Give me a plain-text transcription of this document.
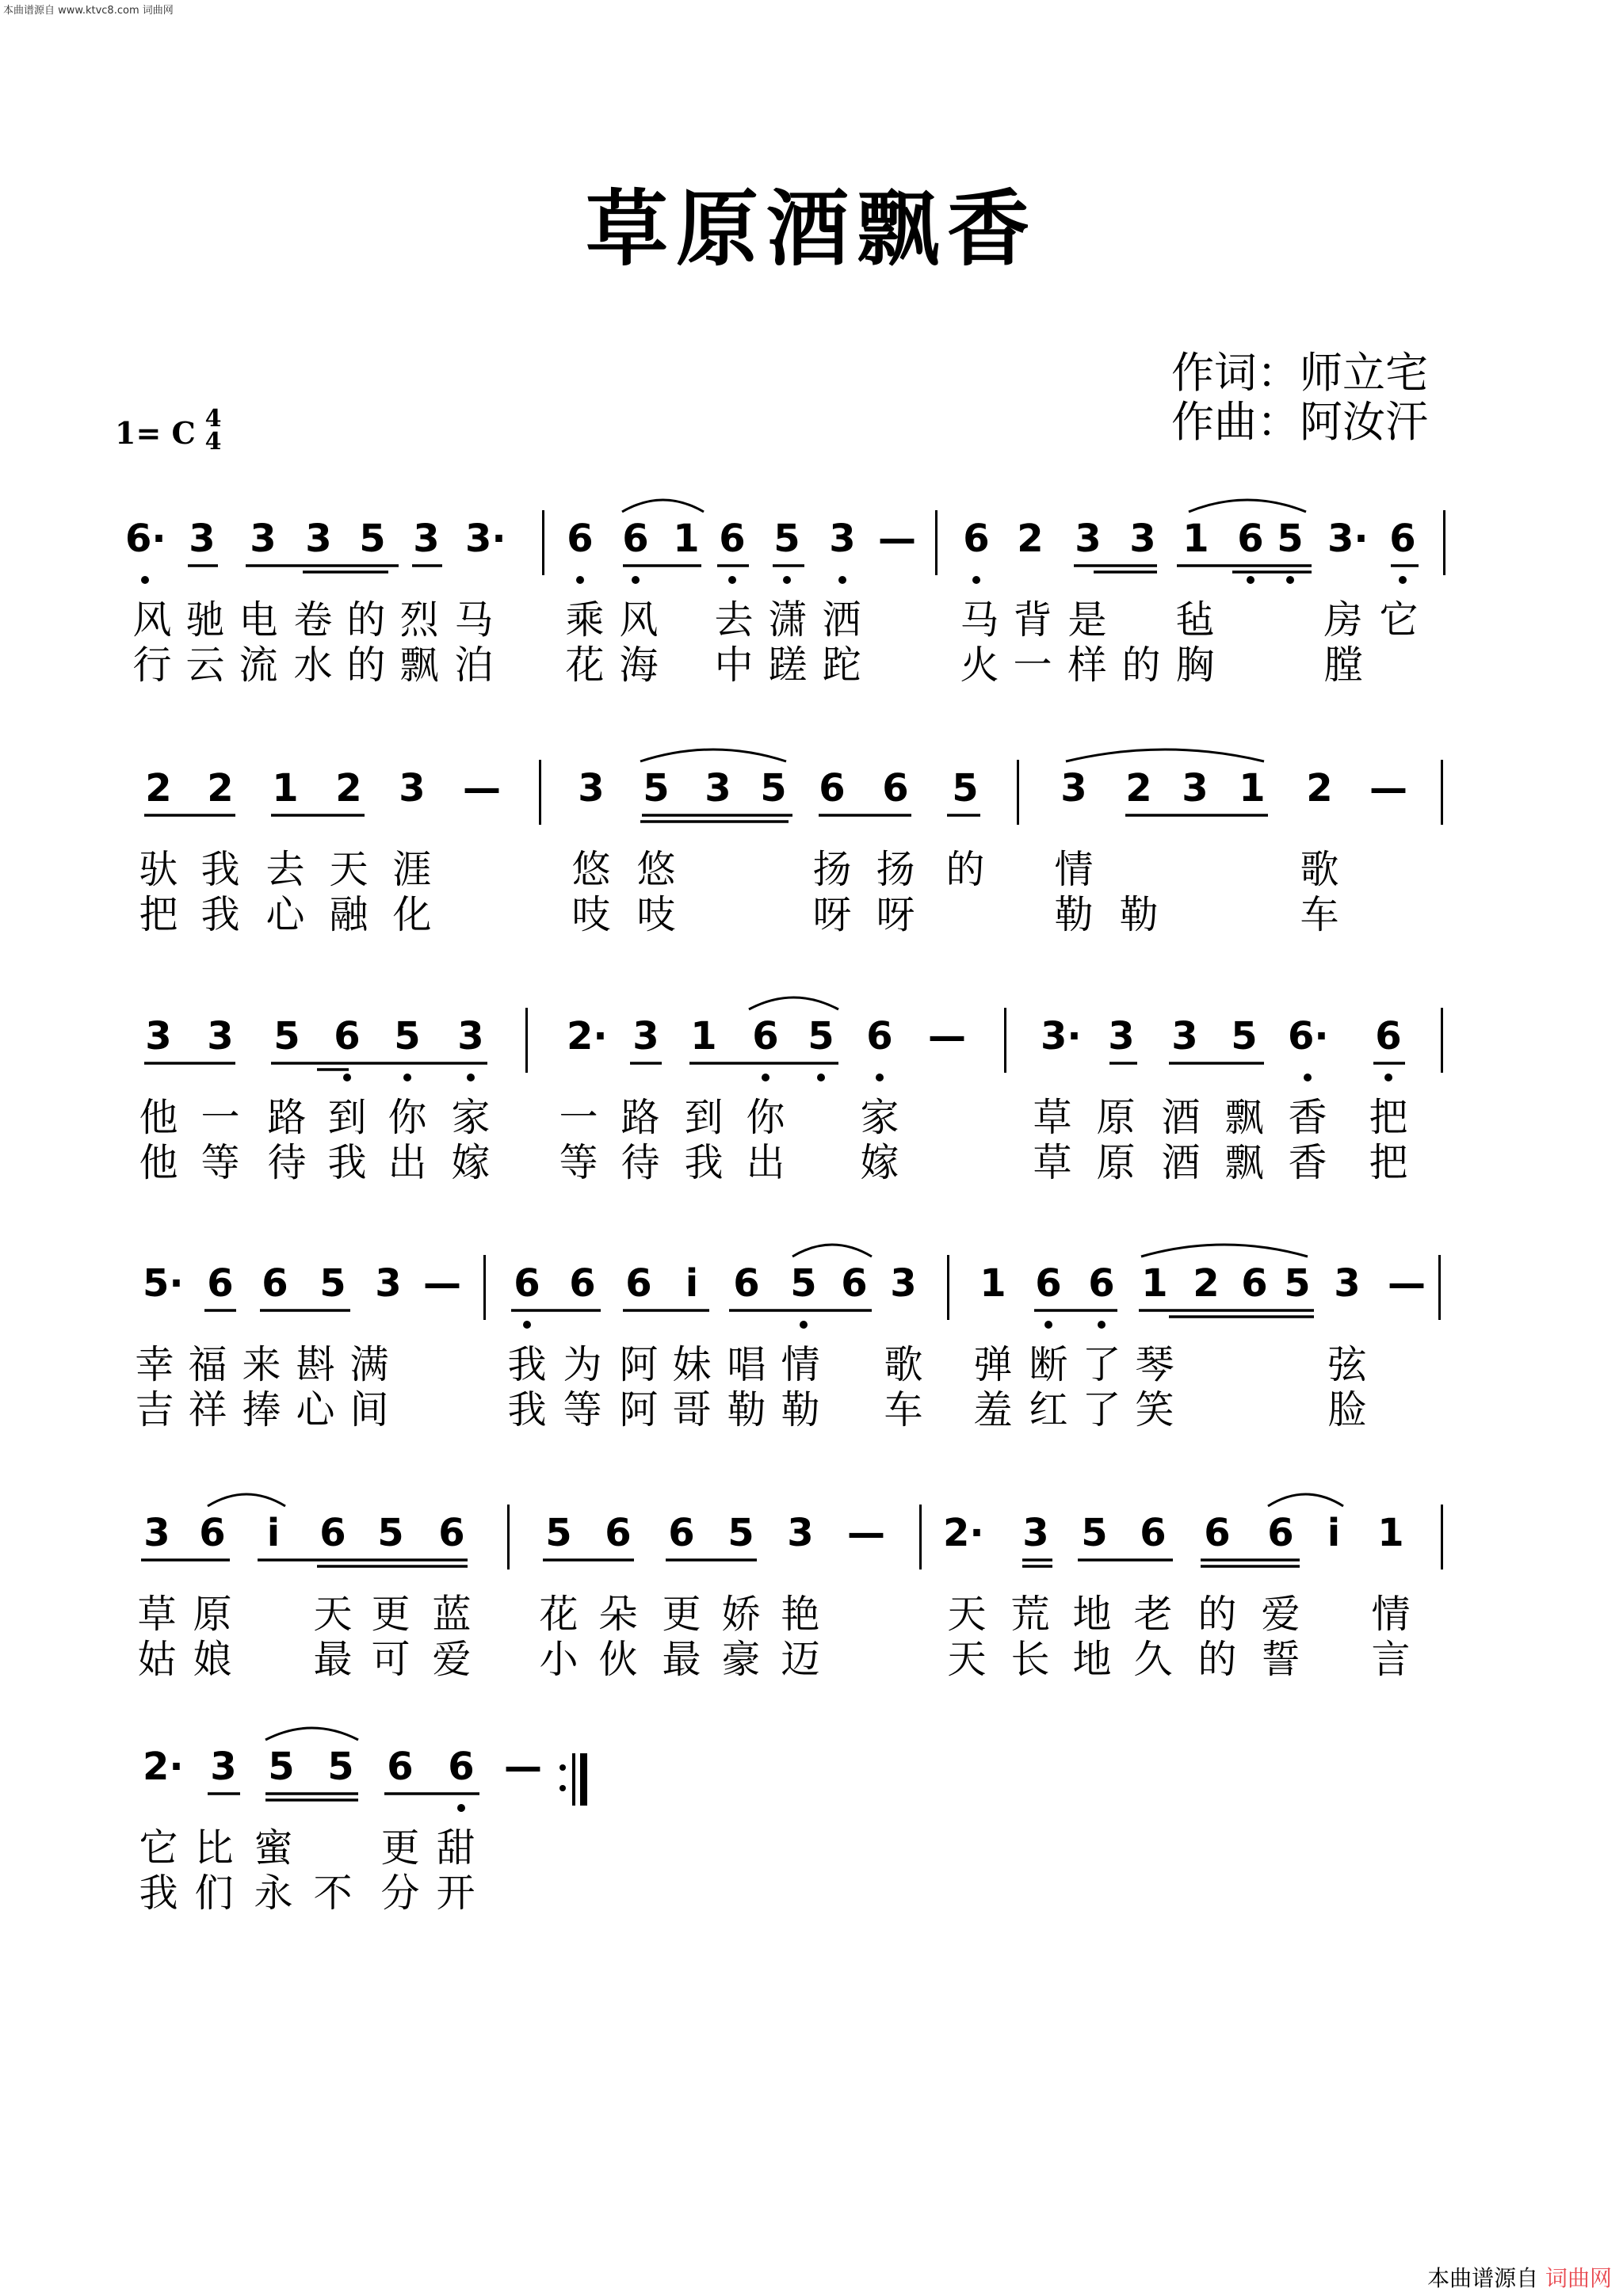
本曲谱源自 www.ktvc8.com 词曲网
草原酒飘香
作词：师立宅
作曲：阿汝汗
1= C 4
4
6· 3 3 3 5 3 3· 6 6 1 6 5 3 — 6 2 3 3 1 6 5 3· 6
风 驰 电 卷 的 烈 马 乘 风 去 潇 洒	马 背 是 毡	房 它
行 云 流 水 的 飘 泊 花 海 中 蹉 跎	火 一 样 的 胸	膛
2 2 1 2 3 — 3 5 3 5 6 6 5 3 2 3 1 2 —
驮 我 去 天 涯	悠 悠	扬 扬 的 情	歌
把 我 心 融 化	吱 吱	呀 呀	勒 勒	车
3 3 5 6 5 3 2· 3 1 6 5 6 — 3· 3 3 5 6· 6
他 一 路 到 你 家 一 路 到 你 家	草 原 酒 飘 香 把
他 等 待 我 出 嫁 等 待 我 出 嫁	草 原 酒 飘 香 把
5· 6 6 5 3 — 6 6 6 i 6 5 6 3 1 6 6 1 2 6 5 3 —
幸 福 来 斟 满	我 为 阿 妹 唱 情 歌 弹 断 了 琴	弦
吉 祥 捧 心 间	我 等 阿 哥 勒 勒 车 羞 红 了 笑	脸
3 6	i	6 5 6 5 6 6 5 3 — 2· 3 5 6 6 6 i 1
草 原 天 更 蓝 花 朵 更 娇 艳	天 荒 地 老 的 爱 情
姑 娘 最 可 爱 小 伙 最 豪 迈	天 长 地 久 的 誓 言
2· 3 5 5 6 6 —
它 比 蜜 更 甜
我 们 永 不 分 开
本曲谱源自 词曲网
